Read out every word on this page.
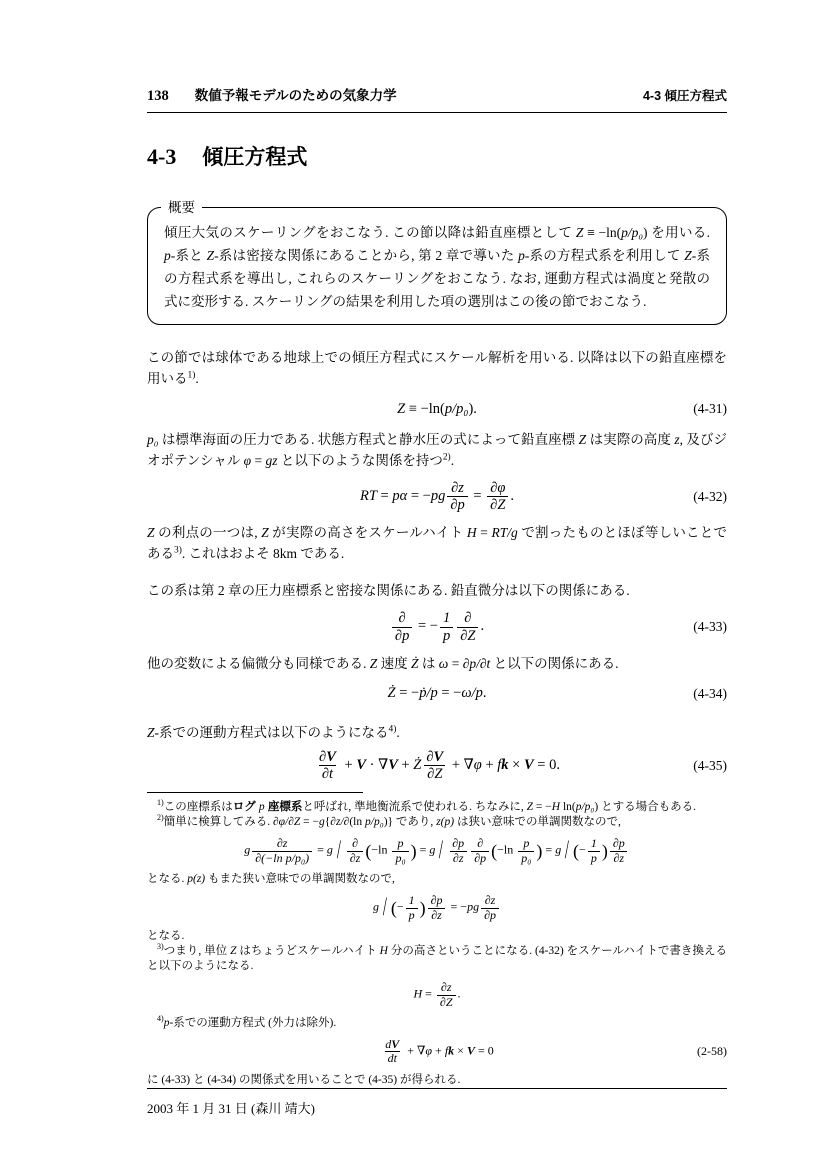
138 数値予報モデルのための気象力学	4-3 傾圧方程式
4-3 傾圧方程式
概要
傾圧大気のスケーリングをおこなう. この節以降は鉛直座標として Z ≡ −ln(p/p₀) を用いる. p-系と Z-系は密接な関係にあることから, 第 2 章で導いた p-系の方程式系を利用して Z-系の方程式系を導出し, これらのスケーリングをおこなう. なお, 運動方程式は渦度と発散の式に変形する. スケーリングの結果を利用した項の選別はこの後の節でおこなう.
この節では球体である地球上での傾圧方程式にスケール解析を用いる. 以降は以下の鉛直座標を用いる$^{1)}$.
Z ≡ −ln(p/p₀).	(4-31)
p₀ は標準海面の圧力である. 状態方程式と静水圧の式によって鉛直座標 Z は実際の高度 z, 及びジオポテンシャル φ = gz と以下のような関係を持つ$^{2)}$.
RT = $p\alpha = -pg \frac{\partial z}{\partial p} = \frac{\partial\varphi}{\partial Z}$ .	(4-32)
Z の利点の一つは, Z が実際の高さをスケールハイト H = RT/g で割ったものとほぼ等しいことである$^{3)}$. これはおよそ 8km である.
この系は第 2 章の圧力座標系と密接な関係にある. 鉛直微分は以下の関係にある.
$\frac{\partial}{\partial p}$ = − $\frac{1}{p} \frac{\partial}{\partial Z}$ .	(4-33)
他の変数による偏微分も同様である. Z 速度 Ż は ω = ∂p/∂t と以下の関係にある.
Ż = −ṗ/p = −ω/p.	(4-34)
Z-系での運動方程式は以下のようになる$^{4)}$.
$\frac{\partial V}{\partial t} + V \cdot \nabla V$ + Ż $\frac{\partial V}{\partial Z} + \nabla\varphi$ + fk × V = 0.	(4-35)
$^{1)}$この座標系はログ p 座標系と呼ばれ, 準地衡流系で使われる. ちなみに, Z = −H ln(p/p₀) とする場合もある.
$^{2)}$簡単に検算してみる. ∂φ/∂Z = −g{∂z/∂(ln p/p₀)} であり, z(p) は狭い意味での単調関数なので,
g $\frac{\partial z}{\text{∂(−ln p/p₀)}} = g / \frac{\partial}{\partial z} (-\ln \frac{p}{\text{p₀}}$ ) = $g / \frac{\partial p}{\partial z} \frac{\partial}{\partial p} (-\ln \frac{p}{\text{p₀}}$ ) = g / (− $\frac{1}{p}$ ) $\frac{\partial p}{\partial z}$
となる. p(z) もまた狭い意味での単調関数なので,
g / (− $\frac{1}{p}$ ) $\frac{\partial p}{\partial z} = -pg \frac{\partial z}{\partial p}$
となる.
$^{3)}$つまり, 単位 Z はちょうどスケールハイト H 分の高さということになる. (4-32) をスケールハイトで書き換えると以下のようになる.
$H = \frac{\partial z}{\partial Z}$ .
$^{4)}$p-系での運動方程式 (外力は除外).
$\frac{dV}{dt} + \nabla\varphi$ + fk × V = 0	(2-58)
に (4-33) と (4-34) の関係式を用いることで (4-35) が得られる.
2003 年 1 月 31 日 (森川 靖大)
